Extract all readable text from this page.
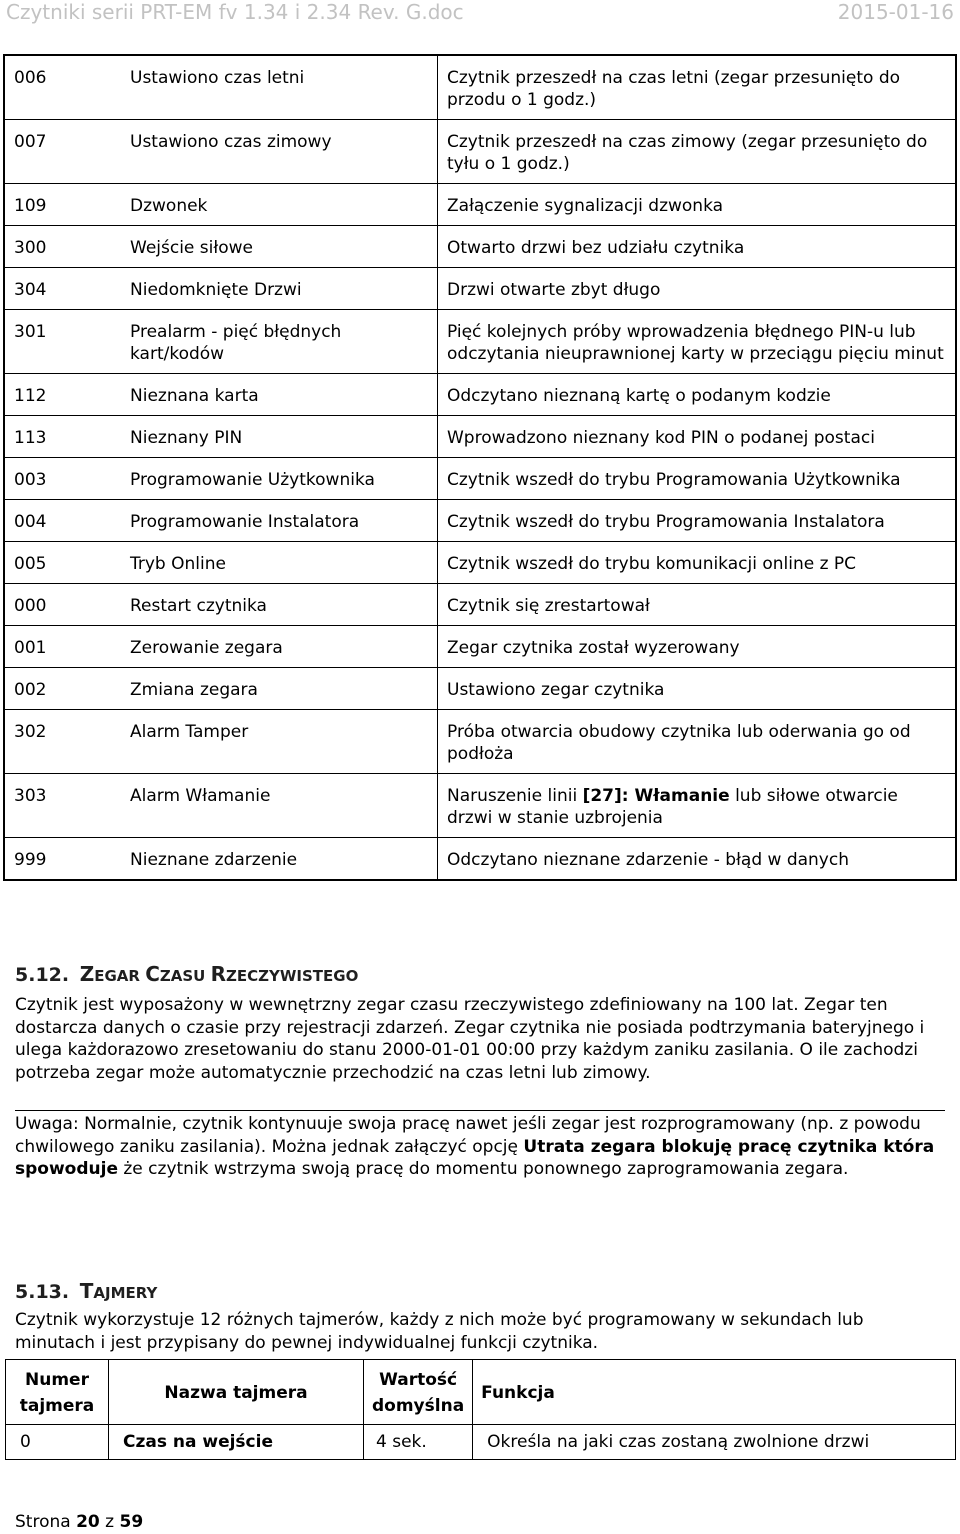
Czytniki serii PRT-EM fv 1.34 i 2.34 Rev. G.doc	2015-01-16
006	Ustawiono czas letni	Czytnik przeszedł na czas letni (zegar przesunięto do przodu o 1 godz.)
007	Ustawiono czas zimowy	Czytnik przeszedł na czas zimowy (zegar przesunięto do tyłu o 1 godz.)
109	Dzwonek	Załączenie sygnalizacji dzwonka
300	Wejście siłowe	Otwarto drzwi bez udziału czytnika
304	Niedomknięte Drzwi	Drzwi otwarte zbyt długo
301	Prealarm - pięć błędnych kart/kodów	Pięć kolejnych próby wprowadzenia błędnego PIN-u lub odczytania nieuprawnionej karty w przeciągu pięciu minut
112	Nieznana karta	Odczytano nieznaną kartę o podanym kodzie
113	Nieznany PIN	Wprowadzono nieznany kod PIN o podanej postaci
003	Programowanie Użytkownika	Czytnik wszedł do trybu Programowania Użytkownika
004	Programowanie Instalatora	Czytnik wszedł do trybu Programowania Instalatora
005	Tryb Online	Czytnik wszedł do trybu komunikacji online z PC
000	Restart czytnika	Czytnik się zrestartował
001	Zerowanie zegara	Zegar czytnika został wyzerowany
002	Zmiana zegara	Ustawiono zegar czytnika
302	Alarm Tamper	Próba otwarcia obudowy czytnika lub oderwania go od podłoża
303	Alarm Włamanie	Naruszenie linii [27]: Włamanie lub siłowe otwarcie drzwi w stanie uzbrojenia
999	Nieznane zdarzenie	Odczytano nieznane zdarzenie - błąd w danych
5.12. ZEGAR CZASU RZECZYWISTEGO
Czytnik jest wyposażony w wewnętrzny zegar czasu rzeczywistego zdefiniowany na 100 lat. Zegar ten dostarcza danych o czasie przy rejestracji zdarzeń. Zegar czytnika nie posiada podtrzymania bateryjnego i ulega każdorazowo zresetowaniu do stanu 2000-01-01 00:00 przy każdym zaniku zasilania. O ile zachodzi potrzeba zegar może automatycznie przechodzić na czas letni lub zimowy.
Uwaga: Normalnie, czytnik kontynuuje swoja pracę nawet jeśli zegar jest rozprogramowany (np. z powodu chwilowego zaniku zasilania). Można jednak załączyć opcję Utrata zegara blokuję pracę czytnika która spowoduje że czytnik wstrzyma swoją pracę do momentu ponownego zaprogramowania zegara.
5.13. TAJMERY
Czytnik wykorzystuje 12 różnych tajmerów, każdy z nich może być programowany w sekundach lub minutach i jest przypisany do pewnej indywidualnej funkcji czytnika.
Numer tajmera	Nazwa tajmera	Wartość domyślna	Funkcja
0	Czas na wejście	4 sek.	Określa na jaki czas zostaną zwolnione drzwi
Strona 20 z 59
